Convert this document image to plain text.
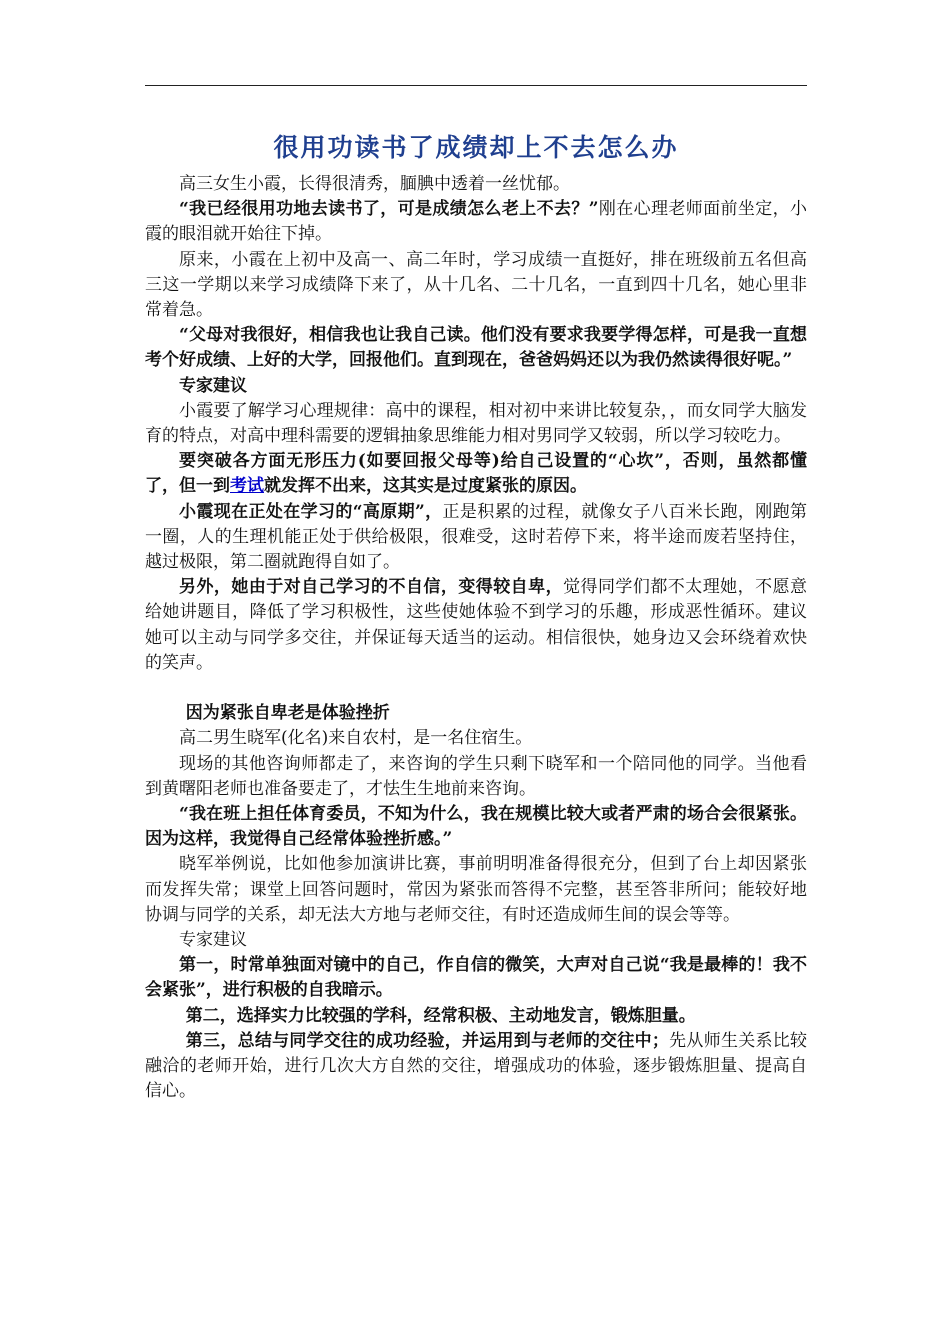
很用功读书了成绩却上不去怎么办

高三女生小霞，长得很清秀，腼腆中透着一丝忧郁。

“我已经很用功地去读书了，可是成绩怎么老上不去？”刚在心理老师面前坐定，小霞的眼泪就开始往下掉。

原来，小霞在上初中及高一、高二年时，学习成绩一直挺好，排在班级前五名但高三这一学期以来学习成绩降下来了，从十几名、二十几名，一直到四十几名，她心里非常着急。

“父母对我很好，相信我也让我自己读。他们没有要求我要学得怎样，可是我一直想考个好成绩、上好的大学，回报他们。直到现在，爸爸妈妈还以为我仍然读得很好呢。”

专家建议

小霞要了解学习心理规律：高中的课程，相对初中来讲比较复杂，，而女同学大脑发育的特点，对高中理科需要的逻辑抽象思维能力相对男同学又较弱，所以学习较吃力。

要突破各方面无形压力(如要回报父母等)给自己设置的“心坎”，否则，虽然都懂了，但一到考试就发挥不出来，这其实是过度紧张的原因。

小霞现在正处在学习的“高原期”，正是积累的过程，就像女子八百米长跑，刚跑第一圈，人的生理机能正处于供给极限，很难受，这时若停下来，将半途而废若坚持住，越过极限，第二圈就跑得自如了。

另外，她由于对自己学习的不自信，变得较自卑，觉得同学们都不太理她，不愿意给她讲题目，降低了学习积极性，这些使她体验不到学习的乐趣，形成恶性循环。建议她可以主动与同学多交往，并保证每天适当的运动。相信很快，她身边又会环绕着欢快的笑声。

因为紧张自卑老是体验挫折

高二男生晓军(化名)来自农村，是一名住宿生。

现场的其他咨询师都走了，来咨询的学生只剩下晓军和一个陪同他的同学。当他看到黄曙阳老师也准备要走了，才怯生生地前来咨询。

“我在班上担任体育委员，不知为什么，我在规模比较大或者严肃的场合会很紧张。因为这样，我觉得自己经常体验挫折感。”

晓军举例说，比如他参加演讲比赛，事前明明准备得很充分，但到了台上却因紧张而发挥失常；课堂上回答问题时，常因为紧张而答得不完整，甚至答非所问；能较好地协调与同学的关系，却无法大方地与老师交往，有时还造成师生间的误会等等。

专家建议

第一，时常单独面对镜中的自己，作自信的微笑，大声对自己说“我是最棒的！我不会紧张”，进行积极的自我暗示。

第二，选择实力比较强的学科，经常积极、主动地发言，锻炼胆量。

第三，总结与同学交往的成功经验，并运用到与老师的交往中；先从师生关系比较融洽的老师开始，进行几次大方自然的交往，增强成功的体验，逐步锻炼胆量、提高自信心。
